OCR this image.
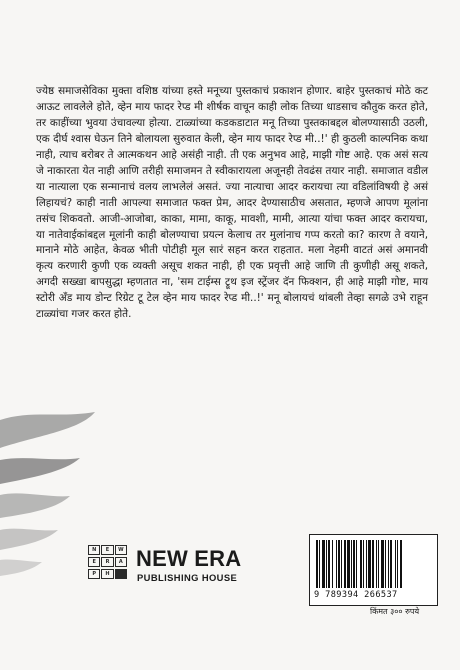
ज्येष्ठ समाजसेविका मुक्ता वशिष्ठ यांच्या हस्ते मनूच्या पुस्तकाचं प्रकाशन होणार. बाहेर पुस्तकाचं मोठे कट आऊट लावलेले होते, व्हेन माय फादर रेप्ड मी शीर्षक वाचून काही लोक तिच्या धाडसाच कौतुक करत होते, तर काहींच्या भुवया उंचावल्या होत्या. टाळ्यांच्या कडकडाटात मनू तिच्या पुस्तकाबद्दल बोलण्यासाठी उठली, एक दीर्घ श्वास घेऊन तिने बोलायला सुरुवात केली, व्हेन माय फादर रेप्ड मी..!' ही कुठली काल्पनिक कथा नाही, त्याच बरोबर ते आत्मकथन आहे असंही नाही. ती एक अनुभव आहे, माझी गोष्ट आहे. एक असं सत्य जे नाकारता येत नाही आणि तरीही समाजमन ते स्वीकारायला अजूनही तेवढंस तयार नाही. समाजात वडील या नात्याला एक सन्मानाचं वलय लाभलेलं असतं. ज्या नात्याचा आदर करायचा त्या वडिलांविषयी हे असं लिहायचं? काही नाती आपल्या समाजात फक्त प्रेम, आदर देण्यासाठीच असतात, म्हणजे आपण मूलांना तसंच शिकवतो. आजी-आजोबा, काका, मामा, काकू, मावशी, मामी, आत्या यांचा फक्त आदर करायचा, या नातेवाईकांबद्दल मूलांनी काही बोलण्याचा प्रयत्न केलाच तर मुलांनाच गप्प करतो का? कारण ते वयाने, मानाने मोठे आहेत, केवळ भीती पोटीही मूल सारं सहन करत राहतात. मला नेहमी वाटतं असं अमानवी कृत्य करणारी कुणी एक व्यक्ती असूच शकत नाही, ही एक प्रवृत्ती आहे जाणि ती कुणीही असू शकते, अगदी सख्खा बापसुद्धा म्हणतात ना, 'सम टाईम्स ट्रूथ इज स्ट्रेंजर दॅन फिक्शन, ही आहे माझी गोष्ट, माय स्टोरी अँड माय डोन्ट रिग्रेट टू टेल व्हेन माय फादर रेप्ड मी..!' मनू बोलायचं थांबली तेव्हा सगळे उभे राहून टाळ्यांचा गजर करत होते.

N	E	W
E	R	A
P	H
NEW ERA
PUBLISHING HOUSE
9 789394 266537
किंमत ३०० रुपये
